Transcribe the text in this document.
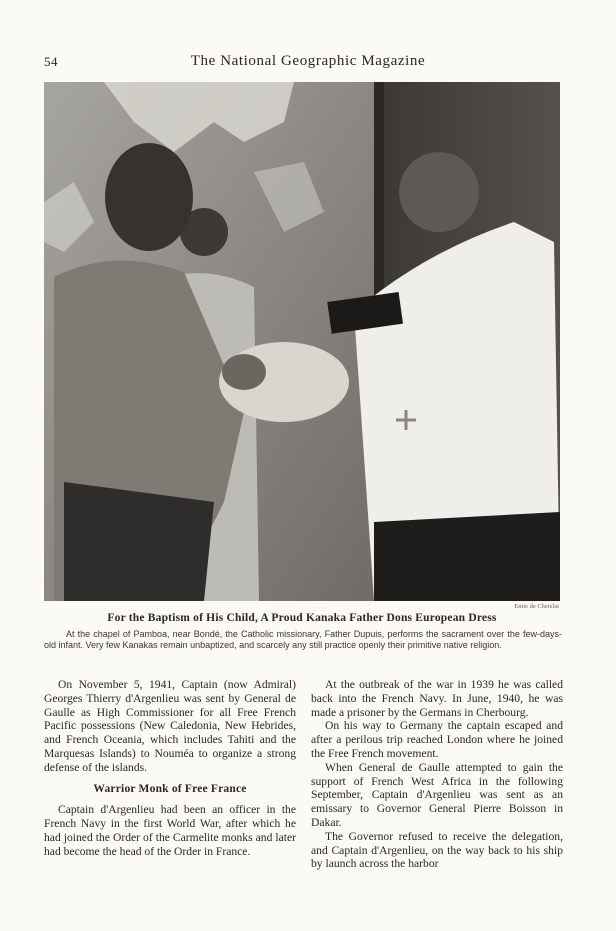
54	The National Geographic Magazine
Emie de Chetelat
For the Baptism of His Child, A Proud Kanaka Father Dons European Dress
At the chapel of Pamboa, near Bondé, the Catholic missionary, Father Dupuis, performs the sacrament over the few-days-old infant. Very few Kanakas remain unbaptized, and scarcely any still practice openly their primitive native religion.

On November 5, 1941, Captain (now Admiral) Georges Thierry d'Argenlieu was sent by General de Gaulle as High Commissioner for all Free French Pacific possessions (New Caledonia, New Hebrides, and French Oceania, which includes Tahiti and the Marquesas Islands) to Nouméa to organize a strong defense of the islands.

Warrior Monk of Free France

Captain d'Argenlieu had been an officer in the French Navy in the first World War, after which he had joined the Order of the Carmelite monks and later had become the head of the Order in France.

At the outbreak of the war in 1939 he was called back into the French Navy. In June, 1940, he was made a prisoner by the Germans in Cherbourg.

On his way to Germany the captain escaped and after a perilous trip reached London where he joined the Free French movement.

When General de Gaulle attempted to gain the support of French West Africa in the following September, Captain d'Argenlieu was sent as an emissary to Governor General Pierre Boisson in Dakar.

The Governor refused to receive the delegation, and Captain d'Argenlieu, on the way back to his ship by launch across the harbor
